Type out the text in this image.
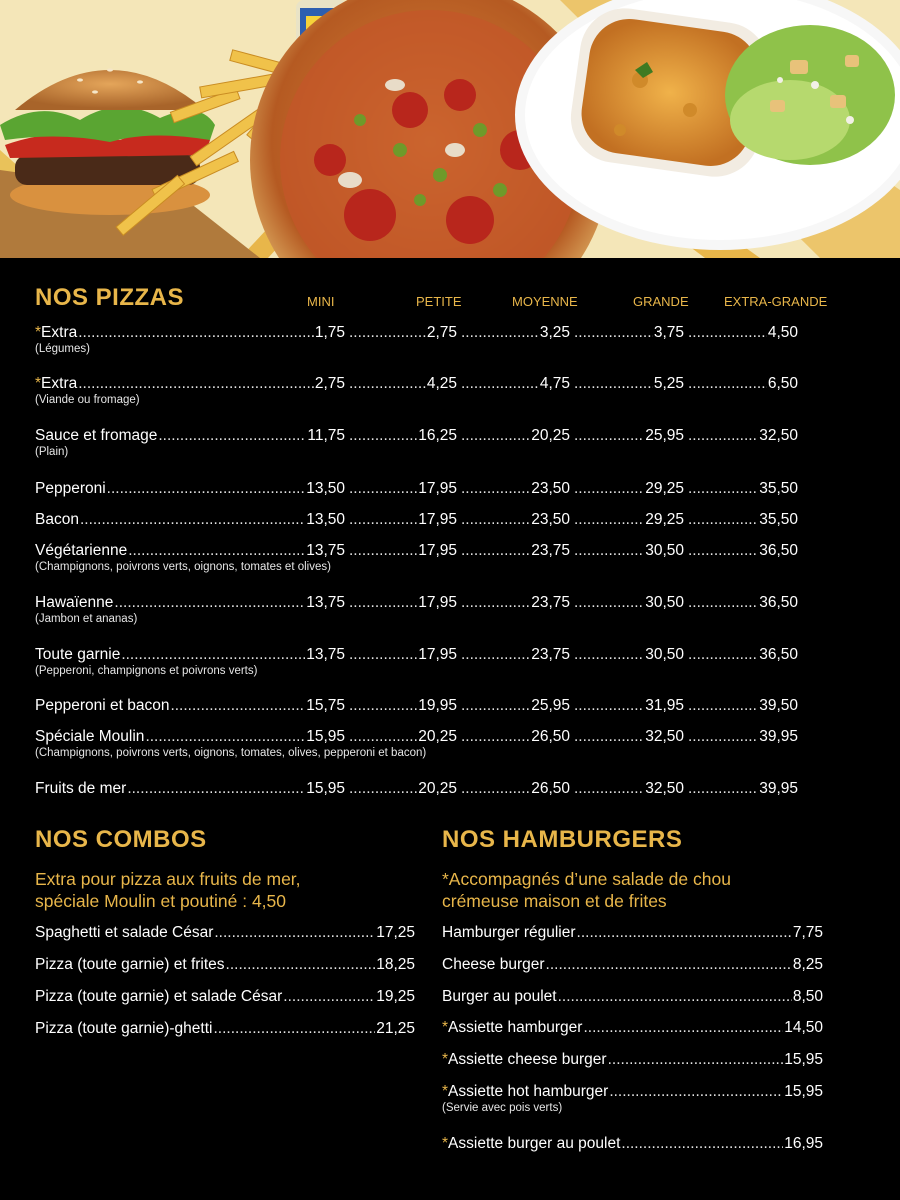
NOS PIZZAS	MINI	PETITE	MOYENNE	GRANDE	EXTRA-GRANDE
*Extra .....	1,75 .....	2,75 .....	3,25 .....	3,75 .....	4,50
(Légumes)
*Extra .....	2,75 .....	4,25 .....	4,75 .....	5,25 .....	6,50
(Viande ou fromage)
Sauce et fromage .....	11,75 .....	16,25 .....	20,25 .....	25,95 .....	32,50
(Plain)
Pepperoni .....	13,50 .....	17,95 .....	23,50 .....	29,25 .....	35,50
Bacon .....	13,50 .....	17,95 .....	23,50 .....	29,25 .....	35,50
Végétarienne .....	13,75 .....	17,95 .....	23,75 .....	30,50 .....	36,50
(Champignons, poivrons verts, oignons, tomates et olives)
Hawaïenne .....	13,75 .....	17,95 .....	23,75 .....	30,50 .....	36,50
(Jambon et ananas)
Toute garnie .....	13,75 .....	17,95 .....	23,75 .....	30,50 .....	36,50
(Pepperoni, champignons et poivrons verts)
Pepperoni et bacon .....	15,75 .....	19,95 .....	25,95 .....	31,95 .....	39,50
Spéciale Moulin .....	15,95 .....	20,25 .....	26,50 .....	32,50 .....	39,95
(Champignons, poivrons verts, oignons, tomates, olives, pepperoni et bacon)
Fruits de mer .....	15,95 .....	20,25 .....	26,50 .....	32,50 .....	39,95
NOS COMBOS
Extra pour pizza aux fruits de mer,
spéciale Moulin et poutiné : 4,50
Spaghetti et salade César .....	17,25
Pizza (toute garnie) et frites .....	18,25
Pizza (toute garnie) et salade César .....	19,25
Pizza (toute garnie)-ghetti .....	21,25
NOS HAMBURGERS
*Accompagnés d’une salade de chou
crémeuse maison et de frites
Hamburger régulier .....	7,75
Cheese burger .....	8,25
Burger au poulet .....	8,50
*Assiette hamburger .....	14,50
*Assiette cheese burger .....	15,95
*Assiette hot hamburger .....	15,95
(Servie avec pois verts)
*Assiette burger au poulet .....	16,95
